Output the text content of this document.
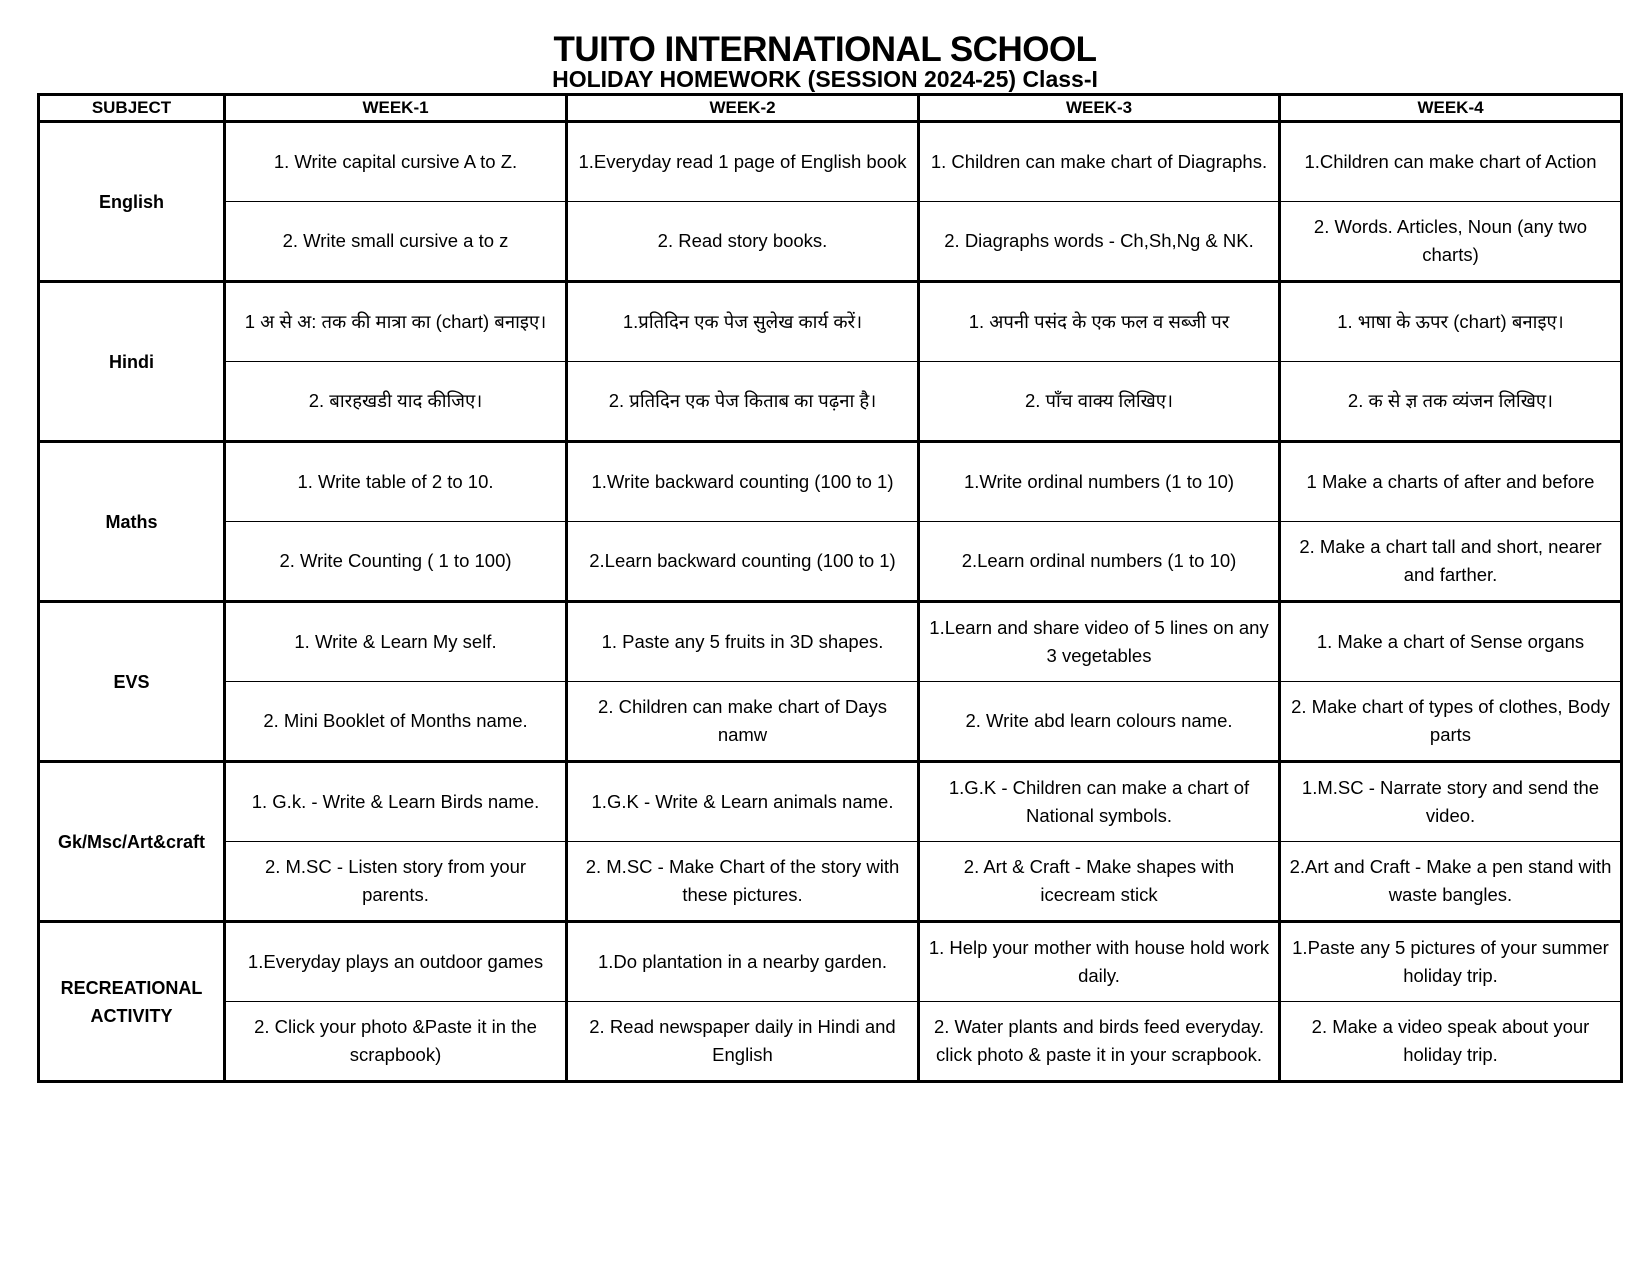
TUITO INTERNATIONAL SCHOOL
HOLIDAY HOMEWORK (SESSION 2024-25) Class-I
SUBJECT	WEEK-1	WEEK-2	WEEK-3	WEEK-4
English	1. Write capital cursive A to Z.	1.Everyday read 1 page of English book	1. Children can make chart of Diagraphs.	1.Children can make chart of Action
	2. Write small cursive a to z	2. Read story books.	2. Diagraphs words - Ch,Sh,Ng & NK.	2. Words. Articles, Noun (any two charts)
Hindi	1 अ से अ: तक की मात्रा का (chart) बनाइए।	1.प्रतिदिन एक पेज सुलेख कार्य करें।	1. अपनी पसंद के एक फल व सब्जी पर	1. भाषा के ऊपर (chart) बनाइए।
	2. बारहखडी याद कीजिए।	2. प्रतिदिन एक पेज किताब का पढ़ना है।	2. पाँच वाक्य लिखिए।	2. क से ज्ञ तक व्यंजन लिखिए।
Maths	1. Write table of 2 to 10.	1.Write backward counting (100 to 1)	1.Write ordinal numbers (1 to 10)	1 Make a charts of after and before
	2. Write Counting ( 1 to 100)	2.Learn backward counting (100 to 1)	2.Learn ordinal numbers (1 to 10)	2. Make a chart tall and short, nearer and farther.
EVS	1. Write & Learn My self.	1. Paste any 5 fruits in 3D shapes.	1.Learn and share video of 5 lines on any 3 vegetables	1. Make a chart of Sense organs
	2. Mini Booklet of Months name.	2. Children can make chart of Days namw	2. Write abd learn colours name.	2. Make chart of types of clothes, Body parts
Gk/Msc/Art&craft	1. G.k. - Write & Learn Birds name.	1.G.K - Write & Learn animals name.	1.G.K - Children can make a chart of National symbols.	1.M.SC - Narrate story and send the video.
	2. M.SC - Listen story from your parents.	2. M.SC - Make Chart of the story with these pictures.	2. Art & Craft - Make shapes with icecream stick	2.Art and Craft - Make a pen stand with waste bangles.
RECREATIONAL ACTIVITY	1.Everyday plays an outdoor games	1.Do plantation in a nearby garden.	1. Help your mother with house hold work daily.	1.Paste any 5 pictures of your summer holiday trip.
	2. Click your photo &Paste it in the scrapbook)	2. Read newspaper daily in Hindi and English	2. Water plants and birds feed everyday. click photo & paste it in your scrapbook.	2. Make a video speak about your holiday trip.
